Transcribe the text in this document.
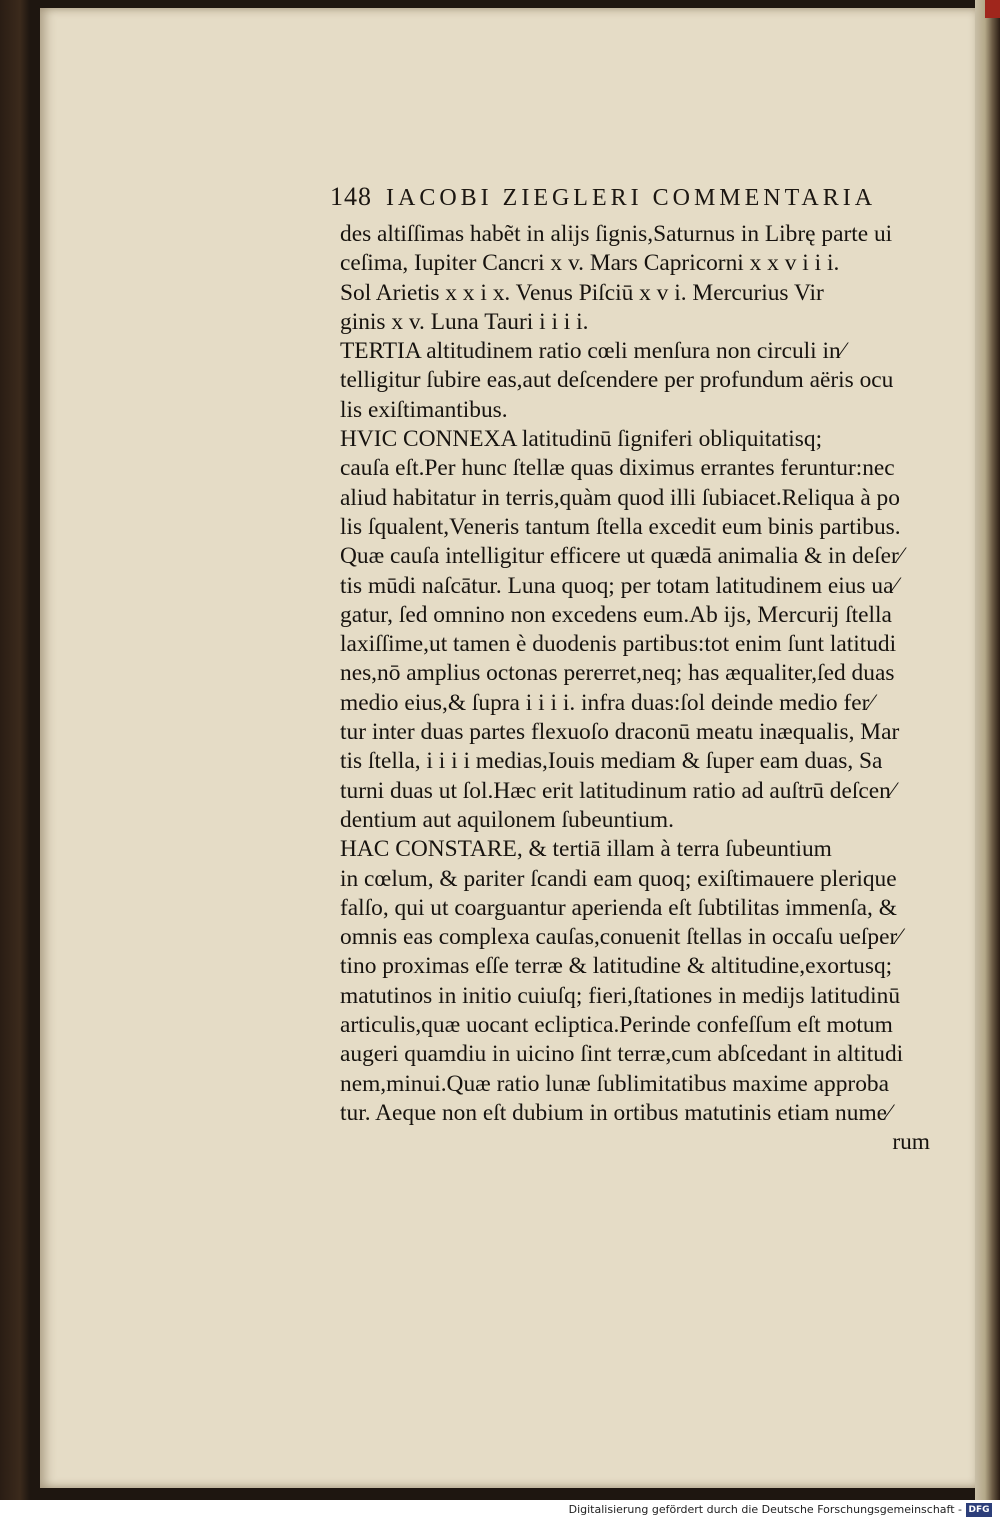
148 IACOBI ZIEGLERI COMMENTARIA
des altiſſimas habẽt in alijs ſignis,Saturnus in Librę parte ui
ceſima, Iupiter Cancri x v. Mars Capricorni x x v i i i.
Sol Arietis x x i x. Venus Piſciū x v i. Mercurius Vir
ginis x v. Luna Tauri i i i i.
TERTIA altitudinem ratio cœli menſura non circuli in⁄
telligitur ſubire eas,aut deſcendere per profundum aëris ocu
lis exiſtimantibus.
HVIC CONNEXA latitudinū ſigniferi obliquitatisq;
cauſa eſt.Per hunc ſtellæ quas diximus errantes feruntur:nec
aliud habitatur in terris,quàm quod illi ſubiacet.Reliqua à po
lis ſqualent,Veneris tantum ſtella excedit eum binis partibus.
Quæ cauſa intelligitur efficere ut quædā animalia & in deſer⁄
tis mūdi naſcātur. Luna quoq; per totam latitudinem eius ua⁄
gatur, ſed omnino non excedens eum.Ab ijs, Mercurij ſtella
laxiſſime,ut tamen è duodenis partibus:tot enim ſunt latitudi
nes,nō amplius octonas pererret,neq; has æqualiter,ſed duas
medio eius,& ſupra i i i i. infra duas:ſol deinde medio fer⁄
tur inter duas partes flexuoſo draconū meatu inæqualis, Mar
tis ſtella, i i i i medias,Iouis mediam & ſuper eam duas, Sa
turni duas ut ſol.Hæc erit latitudinum ratio ad auſtrū deſcen⁄
dentium aut aquilonem ſubeuntium.
HAC CONSTARE, & tertiā illam à terra ſubeuntium
in cœlum, & pariter ſcandi eam quoq; exiſtimauere plerique
falſo, qui ut coarguantur aperienda eſt ſubtilitas immenſa, &
omnis eas complexa cauſas,conuenit ſtellas in occaſu ueſper⁄
tino proximas eſſe terræ & latitudine & altitudine,exortusq;
matutinos in initio cuiuſq; fieri,ſtationes in medijs latitudinū
articulis,quæ uocant ecliptica.Perinde confeſſum eſt motum
augeri quamdiu in uicino ſint terræ,cum abſcedant in altitudi
nem,minui.Quæ ratio lunæ ſublimitatibus maxime approba
tur. Aeque non eſt dubium in ortibus matutinis etiam nume⁄
rum
Digitalisierung gefördert durch die Deutsche Forschungsgemeinschaft - DFG
